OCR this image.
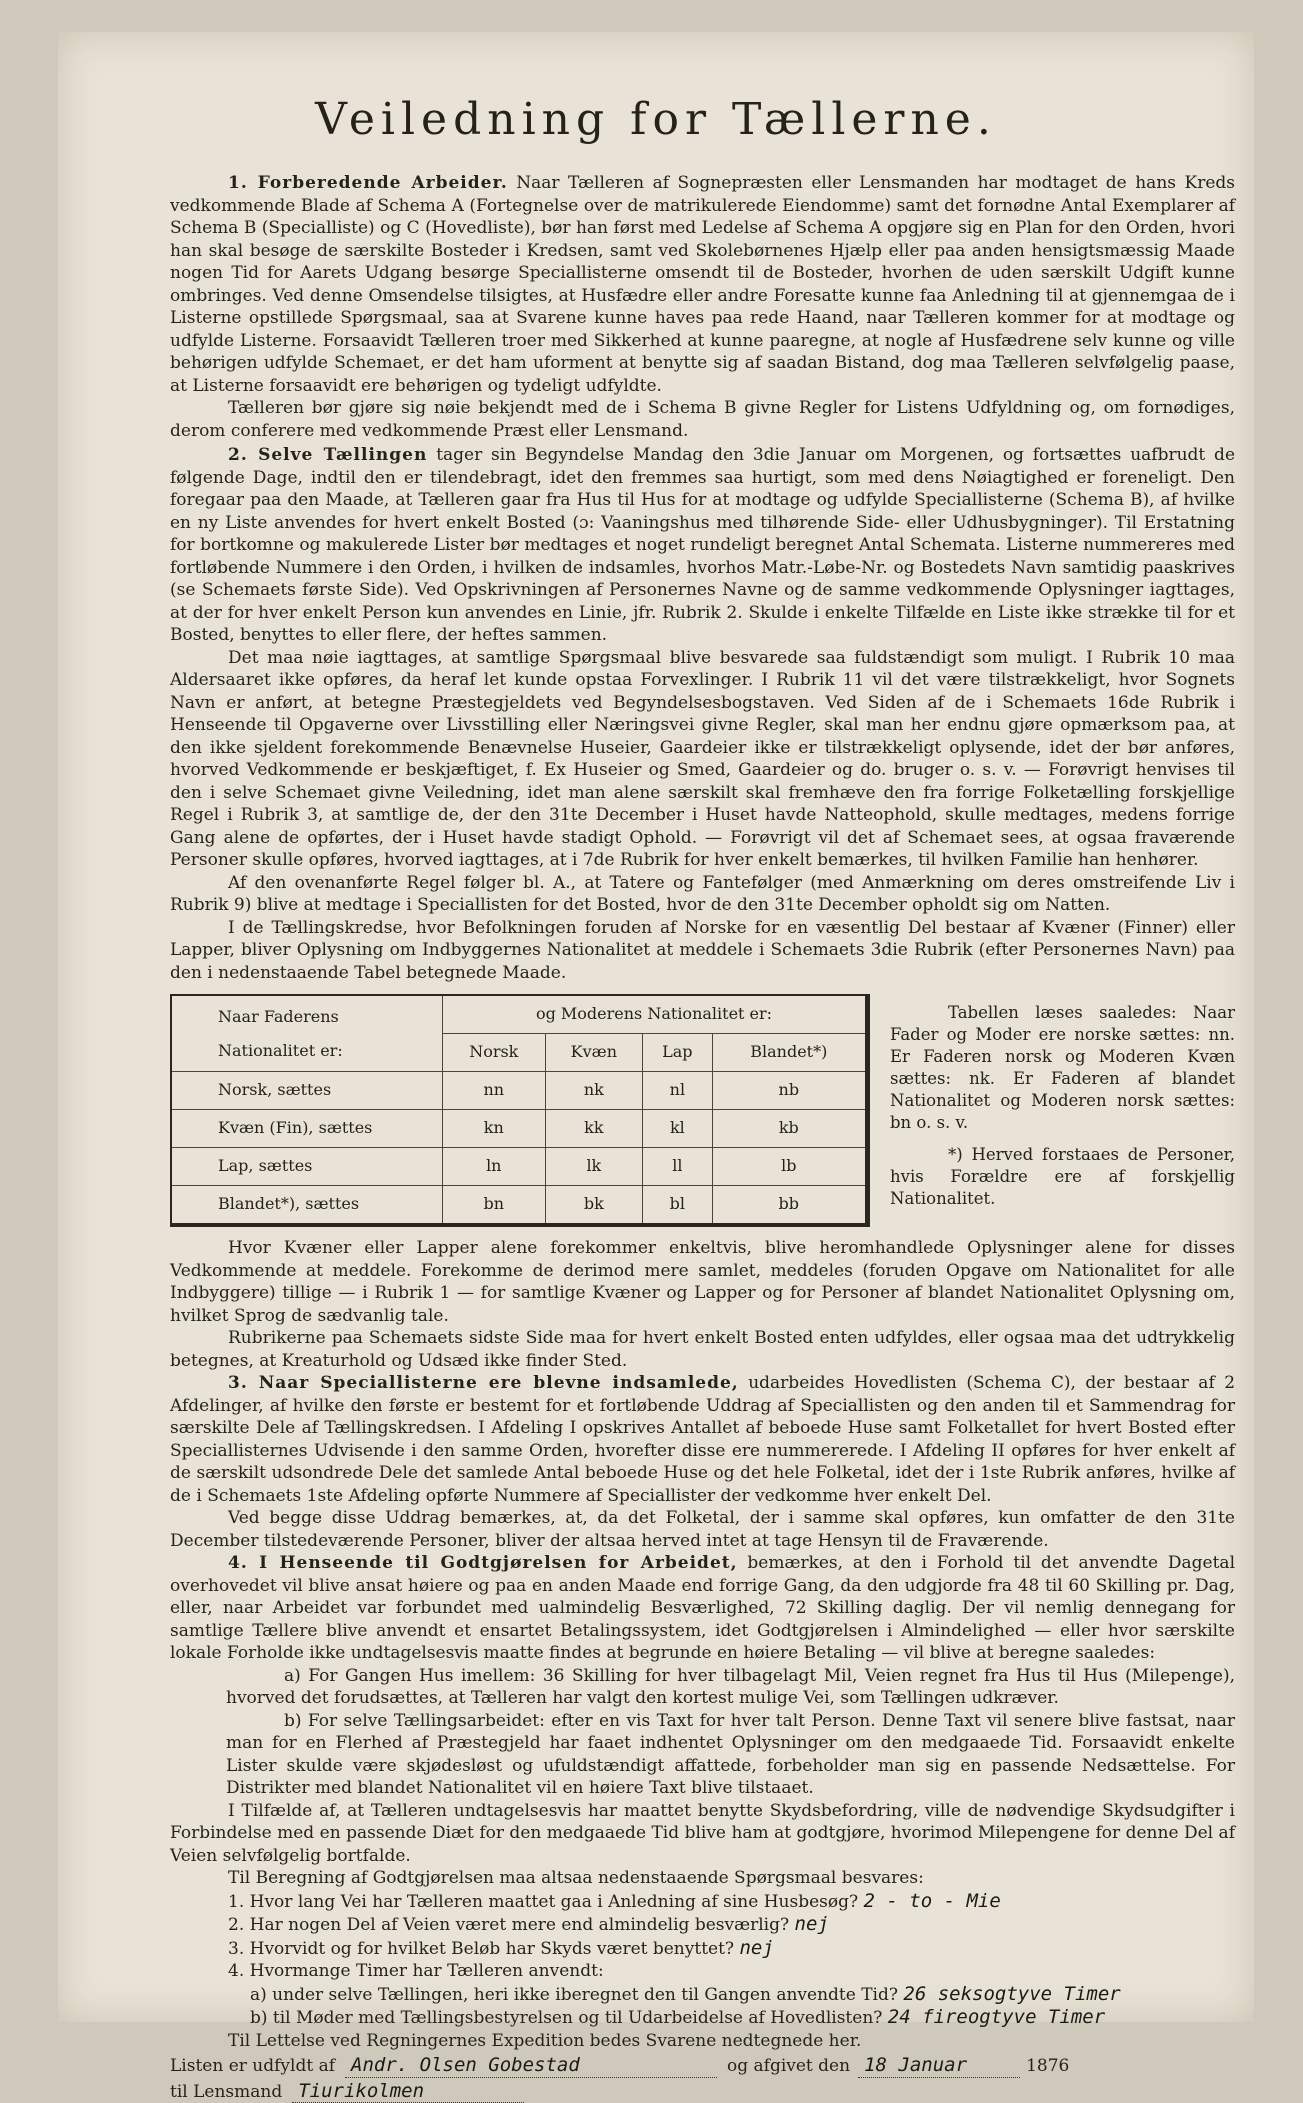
Veiledning for Tællerne.

1. Forberedende Arbeider. Naar Tælleren af Sognepræsten eller Lensmanden har modtaget de hans Kreds vedkommende Blade af Schema A (Fortegnelse over de matrikulerede Eiendomme) samt det fornødne Antal Exemplarer af Schema B (Specialliste) og C (Hovedliste), bør han først med Ledelse af Schema A opgjøre sig en Plan for den Orden, hvori han skal besøge de særskilte Bosteder i Kredsen, samt ved Skolebørnenes Hjælp eller paa anden hensigtsmæssig Maade nogen Tid for Aarets Udgang besørge Speciallisterne omsendt til de Bosteder, hvorhen de uden særskilt Udgift kunne ombringes. Ved denne Omsendelse tilsigtes, at Husfædre eller andre Foresatte kunne faa Anledning til at gjennemgaa de i Listerne opstillede Spørgsmaal, saa at Svarene kunne haves paa rede Haand, naar Tælleren kommer for at modtage og udfylde Listerne. Forsaavidt Tælleren troer med Sikkerhed at kunne paaregne, at nogle af Husfædrene selv kunne og ville behørigen udfylde Schemaet, er det ham uforment at benytte sig af saadan Bistand, dog maa Tælleren selvfølgelig paase, at Listerne forsaavidt ere behørigen og tydeligt udfyldte.

Tælleren bør gjøre sig nøie bekjendt med de i Schema B givne Regler for Listens Udfyldning og, om fornødiges, derom conferere med vedkommende Præst eller Lensmand.

2. Selve Tællingen tager sin Begyndelse Mandag den 3die Januar om Morgenen, og fortsættes uafbrudt de følgende Dage, indtil den er tilendebragt, idet den fremmes saa hurtigt, som med dens Nøiagtighed er foreneligt. Den foregaar paa den Maade, at Tælleren gaar fra Hus til Hus for at modtage og udfylde Speciallisterne (Schema B), af hvilke en ny Liste anvendes for hvert enkelt Bosted (ɔ: Vaaningshus med tilhørende Side- eller Udhusbygninger). Til Erstatning for bortkomne og makulerede Lister bør medtages et noget rundeligt beregnet Antal Schemata. Listerne nummereres med fortløbende Nummere i den Orden, i hvilken de indsamles, hvorhos Matr.-Løbe-Nr. og Bostedets Navn samtidig paaskrives (se Schemaets første Side). Ved Opskrivningen af Personernes Navne og de samme vedkommende Oplysninger iagttages, at der for hver enkelt Person kun anvendes en Linie, jfr. Rubrik 2. Skulde i enkelte Tilfælde en Liste ikke strække til for et Bosted, benyttes to eller flere, der heftes sammen.

Det maa nøie iagttages, at samtlige Spørgsmaal blive besvarede saa fuldstændigt som muligt. I Rubrik 10 maa Aldersaaret ikke opføres, da heraf let kunde opstaa Forvexlinger. I Rubrik 11 vil det være tilstrækkeligt, hvor Sognets Navn er anført, at betegne Præstegjeldets ved Begyndelsesbogstaven. Ved Siden af de i Schemaets 16de Rubrik i Henseende til Opgaverne over Livsstilling eller Næringsvei givne Regler, skal man her endnu gjøre opmærksom paa, at den ikke sjeldent forekommende Benævnelse Huseier, Gaardeier ikke er tilstrækkeligt oplysende, idet der bør anføres, hvorved Vedkommende er beskjæftiget, f. Ex Huseier og Smed, Gaardeier og do. bruger o. s. v. — Forøvrigt henvises til den i selve Schemaet givne Veiledning, idet man alene særskilt skal fremhæve den fra forrige Folketælling forskjellige Regel i Rubrik 3, at samtlige de, der den 31te December i Huset havde Natteophold, skulle medtages, medens forrige Gang alene de opførtes, der i Huset havde stadigt Ophold. — Forøvrigt vil det af Schemaet sees, at ogsaa fraværende Personer skulle opføres, hvorved iagttages, at i 7de Rubrik for hver enkelt bemærkes, til hvilken Familie han henhører.

Af den ovenanførte Regel følger bl. A., at Tatere og Fantefølger (med Anmærkning om deres omstreifende Liv i Rubrik 9) blive at medtage i Speciallisten for det Bosted, hvor de den 31te December opholdt sig om Natten.

I de Tællingskredse, hvor Befolkningen foruden af Norske for en væsentlig Del bestaar af Kvæner (Finner) eller Lapper, bliver Oplysning om Indbyggernes Nationalitet at meddele i Schemaets 3die Rubrik (efter Personernes Navn) paa den i nedenstaaende Tabel betegnede Maade.

Naar Faderens
Nationalitet er:	og Moderens Nationalitet er:			
	Norsk	Kvæn	Lap	Blandet*)
Norsk, sættes	nn	nk	nl	nb
Kvæn (Fin), sættes	kn	kk	kl	kb
Lap, sættes	ln	lk	ll	lb
Blandet*), sættes	bn	bk	bl	bb

Tabellen læses saaledes: Naar Fader og Moder ere norske sættes: nn. Er Faderen norsk og Moderen Kvæn sættes: nk. Er Faderen af blandet Nationalitet og Moderen norsk sættes: bn o. s. v.

*) Herved forstaaes de Personer, hvis Forældre ere af forskjellig Nationalitet.

Hvor Kvæner eller Lapper alene forekommer enkeltvis, blive heromhandlede Oplysninger alene for disses Vedkommende at meddele. Forekomme de derimod mere samlet, meddeles (foruden Opgave om Nationalitet for alle Indbyggere) tillige — i Rubrik 1 — for samtlige Kvæner og Lapper og for Personer af blandet Nationalitet Oplysning om, hvilket Sprog de sædvanlig tale.

Rubrikerne paa Schemaets sidste Side maa for hvert enkelt Bosted enten udfyldes, eller ogsaa maa det udtrykkelig betegnes, at Kreaturhold og Udsæd ikke finder Sted.

3. Naar Speciallisterne ere blevne indsamlede, udarbeides Hovedlisten (Schema C), der bestaar af 2 Afdelinger, af hvilke den første er bestemt for et fortløbende Uddrag af Speciallisten og den anden til et Sammendrag for særskilte Dele af Tællingskredsen. I Afdeling I opskrives Antallet af beboede Huse samt Folketallet for hvert Bosted efter Speciallisternes Udvisende i den samme Orden, hvorefter disse ere nummererede. I Afdeling II opføres for hver enkelt af de særskilt udsondrede Dele det samlede Antal beboede Huse og det hele Folketal, idet der i 1ste Rubrik anføres, hvilke af de i Schemaets 1ste Afdeling opførte Nummere af Speciallister der vedkomme hver enkelt Del.

Ved begge disse Uddrag bemærkes, at, da det Folketal, der i samme skal opføres, kun omfatter de den 31te December tilstedeværende Personer, bliver der altsaa herved intet at tage Hensyn til de Fraværende.

4. I Henseende til Godtgjørelsen for Arbeidet, bemærkes, at den i Forhold til det anvendte Dagetal overhovedet vil blive ansat høiere og paa en anden Maade end forrige Gang, da den udgjorde fra 48 til 60 Skilling pr. Dag, eller, naar Arbeidet var forbundet med ualmindelig Besværlighed, 72 Skilling daglig. Der vil nemlig dennegang for samtlige Tællere blive anvendt et ensartet Betalingssystem, idet Godtgjørelsen i Almindelighed — eller hvor særskilte lokale Forholde ikke undtagelsesvis maatte findes at begrunde en høiere Betaling — vil blive at beregne saaledes:

a) For Gangen Hus imellem: 36 Skilling for hver tilbagelagt Mil, Veien regnet fra Hus til Hus (Milepenge), hvorved det forudsættes, at Tælleren har valgt den kortest mulige Vei, som Tællingen udkræver.

b) For selve Tællingsarbeidet: efter en vis Taxt for hver talt Person. Denne Taxt vil senere blive fastsat, naar man for en Flerhed af Præstegjeld har faaet indhentet Oplysninger om den medgaaede Tid. Forsaavidt enkelte Lister skulde være skjødesløst og ufuldstændigt affattede, forbeholder man sig en passende Nedsættelse. For Distrikter med blandet Nationalitet vil en høiere Taxt blive tilstaaet.

I Tilfælde af, at Tælleren undtagelsesvis har maattet benytte Skydsbefordring, ville de nødvendige Skydsudgifter i Forbindelse med en passende Diæt for den medgaaede Tid blive ham at godtgjøre, hvorimod Milepengene for denne Del af Veien selvfølgelig bortfalde.

Til Beregning af Godtgjørelsen maa altsaa nedenstaaende Spørgsmaal besvares:

1. Hvor lang Vei har Tælleren maattet gaa i Anledning af sine Husbesøg? 2 - to - Mie

2. Har nogen Del af Veien været mere end almindelig besværlig? nej

3. Hvorvidt og for hvilket Beløb har Skyds været benyttet? nej

4. Hvormange Timer har Tælleren anvendt:

a) under selve Tællingen, heri ikke iberegnet den til Gangen anvendte Tid? 26 seksogtyve Timer

b) til Møder med Tællingsbestyrelsen og til Udarbeidelse af Hovedlisten? 24 fireogtyve Timer

Til Lettelse ved Regningernes Expedition bedes Svarene nedtegnede her.

Listen er udfyldt af Andr. Olsen Gobestad	og afgivet den 18 Januar	1876
til Lensmand Tiurikolmen
